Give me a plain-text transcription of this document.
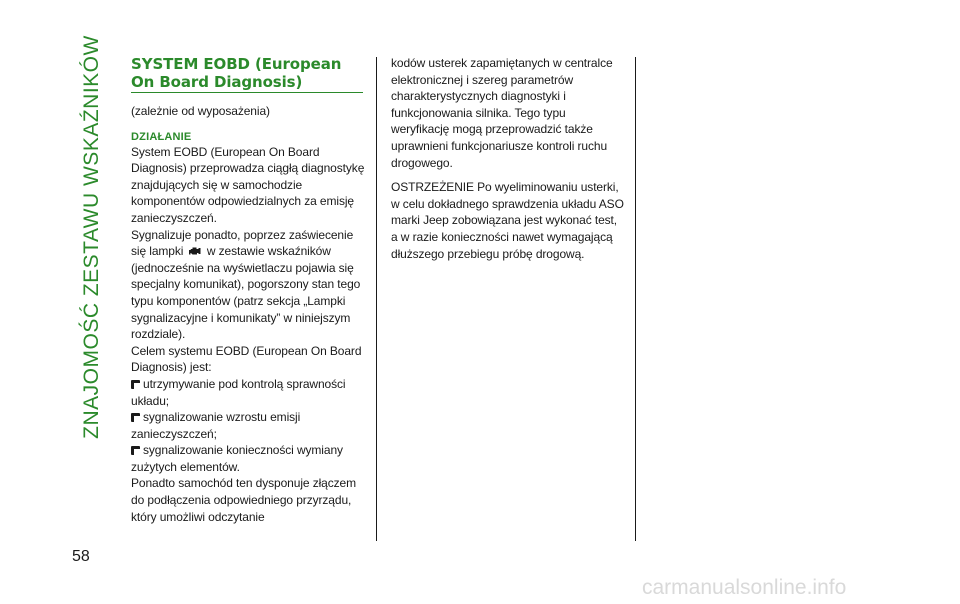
ZNAJOMOŚĆ ZESTAWU WSKAŹNIKÓW SYSTEM EOBD (European On Board Diagnosis)

(zależnie od wyposażenia)

DZIAŁANIE

System EOBD (European On Board Diagnosis) przeprowadza ciągłą diagnostykę znajdujących się w samochodzie komponentów odpowiedzialnych za emisję zanieczyszczeń.

Sygnalizuje ponadto, poprzez zaświecenie się lampki w zestawie wskaźników (jednocześnie na wyświetlaczu pojawia się specjalny komunikat), pogorszony stan tego typu komponentów (patrz sekcja „Lampki sygnalizacyjne i komunikaty” w niniejszym rozdziale).

Celem systemu EOBD (European On Board Diagnosis) jest:

utrzymywanie pod kontrolą sprawności układu;

sygnalizowanie wzrostu emisji zanieczyszczeń;

sygnalizowanie konieczności wymiany zużytych elementów.

Ponadto samochód ten dysponuje złączem do podłączenia odpowiedniego przyrządu, który umożliwi odczytanie

kodów usterek zapamiętanych w centralce elektronicznej i szereg parametrów charakterystycznych diagnostyki i funkcjonowania silnika. Tego typu weryfikację mogą przeprowadzić także uprawnieni funkcjonariusze kontroli ruchu drogowego.

OSTRZEŻENIE Po wyeliminowaniu usterki, w celu dokładnego sprawdzenia układu ASO marki Jeep zobowiązana jest wykonać test, a w razie konieczności nawet wymagającą dłuższego przebiegu próbę drogową.

58
carmanualsonline.info
